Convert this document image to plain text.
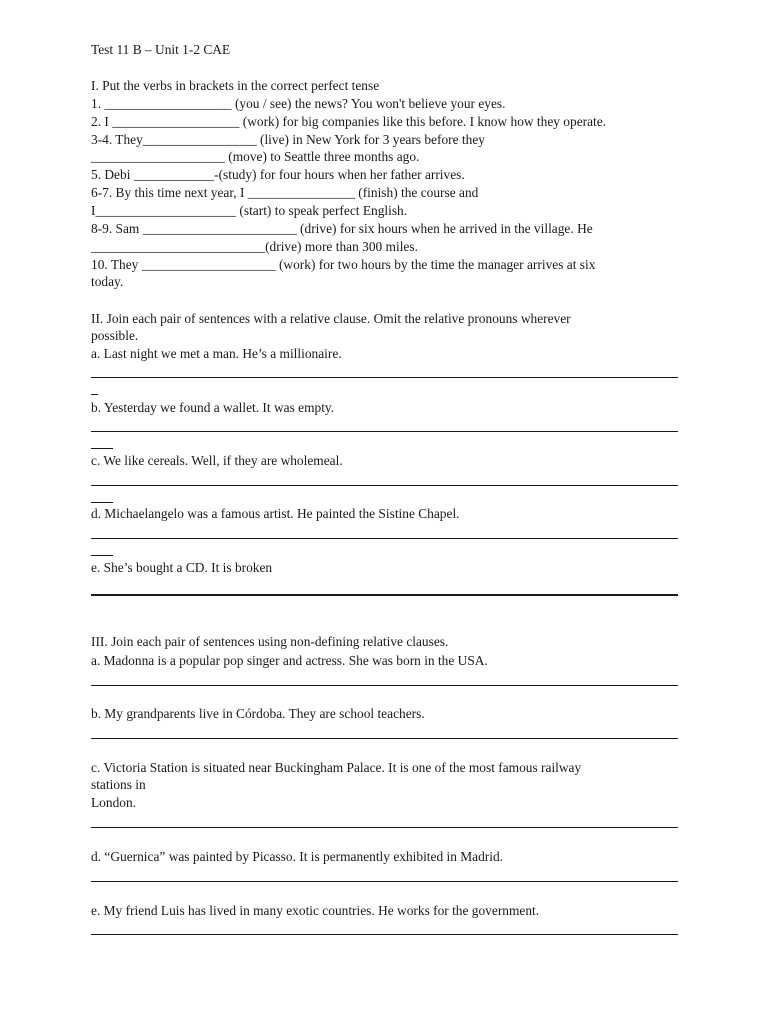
Test 11 B – Unit 1-2 CAE
I. Put the verbs in brackets in the correct perfect tense
1. ___________________ (you / see) the news? You won't believe your eyes.
2. I ___________________ (work) for big companies like this before. I know how they operate.
3-4. They_________________ (live) in New York for 3 years before they
____________________ (move) to Seattle three months ago.
5. Debi ____________-(study) for four hours when her father arrives.
6-7. By this time next year, I ________________ (finish) the course and
I_____________________ (start) to speak perfect English.
8-9. Sam _______________________ (drive) for six hours when he arrived in the village. He
__________________________(drive) more than 300 miles.
10. They ____________________ (work) for two hours by the time the manager arrives at six
today.
II. Join each pair of sentences with a relative clause. Omit the relative pronouns wherever
possible.
a. Last night we met a man. He’s a millionaire.
b. Yesterday we found a wallet. It was empty.
c. We like cereals. Well, if they are wholemeal.
d. Michaelangelo was a famous artist. He painted the Sistine Chapel.
e. She’s bought a CD. It is broken
III. Join each pair of sentences using non-defining relative clauses.
a. Madonna is a popular pop singer and actress. She was born in the USA.
b. My grandparents live in Córdoba. They are school teachers.
c. Victoria Station is situated near Buckingham Palace. It is one of the most famous railway
stations in
London.
d. “Guernica” was painted by Picasso. It is permanently exhibited in Madrid.
e. My friend Luis has lived in many exotic countries. He works for the government.
